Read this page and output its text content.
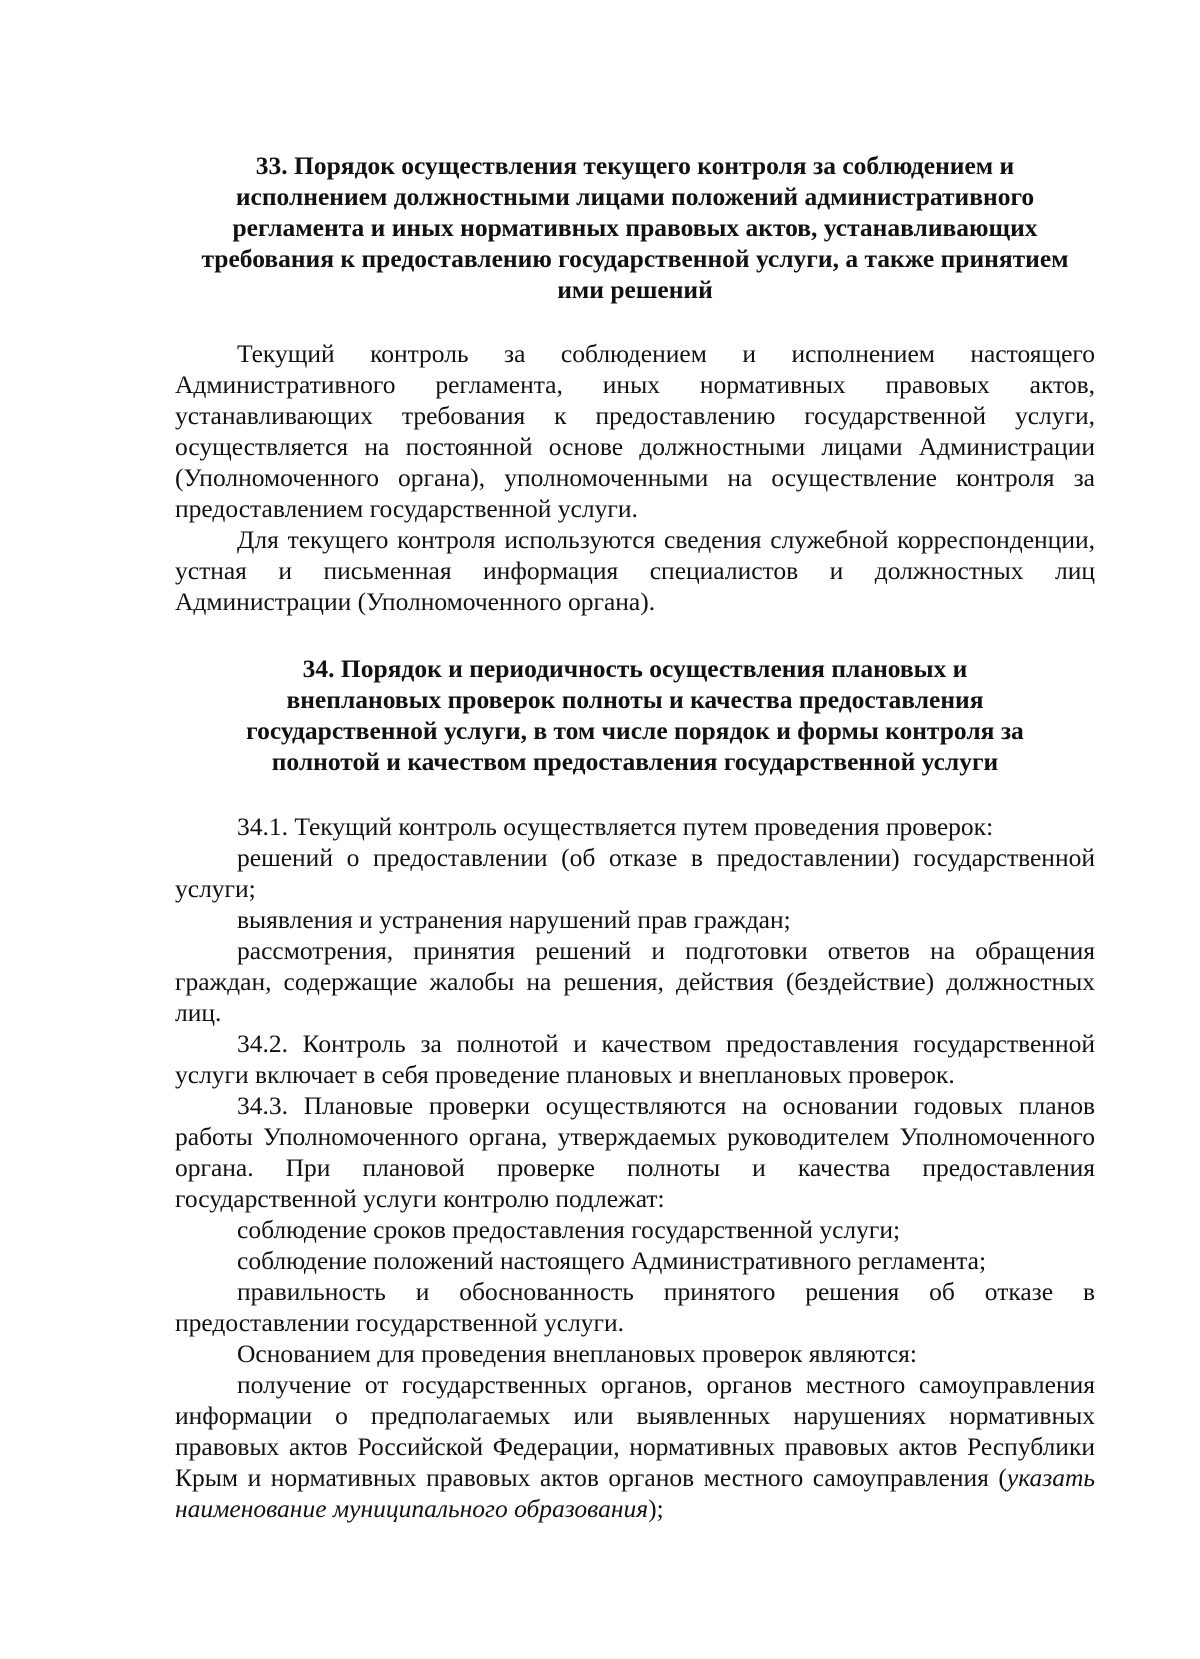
33. Порядок осуществления текущего контроля за соблюдением и
исполнением должностными лицами положений административного
регламента и иных нормативных правовых актов, устанавливающих
требования к предоставлению государственной услуги, а также принятием
ими решений

Текущий контроль за соблюдением и исполнением настоящего Административного регламента, иных нормативных правовых актов, устанавливающих требования к предоставлению государственной услуги, осуществляется на постоянной основе должностными лицами Администрации (Уполномоченного органа), уполномоченными на осуществление контроля за предоставлением государственной услуги.

Для текущего контроля используются сведения служебной корреспонденции, устная и письменная информация специалистов и должностных лиц Администрации (Уполномоченного органа).

34. Порядок и периодичность осуществления плановых и
внеплановых проверок полноты и качества предоставления
государственной услуги, в том числе порядок и формы контроля за
полнотой и качеством предоставления государственной услуги

34.1. Текущий контроль осуществляется путем проведения проверок:

решений о предоставлении (об отказе в предоставлении) государственной услуги;

выявления и устранения нарушений прав граждан;

рассмотрения, принятия решений и подготовки ответов на обращения граждан, содержащие жалобы на решения, действия (бездействие) должностных лиц.

34.2. Контроль за полнотой и качеством предоставления государственной услуги включает в себя проведение плановых и внеплановых проверок.

34.3. Плановые проверки осуществляются на основании годовых планов работы Уполномоченного органа, утверждаемых руководителем Уполномоченного органа. При плановой проверке полноты и качества предоставления государственной услуги контролю подлежат:

соблюдение сроков предоставления государственной услуги;

соблюдение положений настоящего Административного регламента;

правильность и обоснованность принятого решения об отказе в предоставлении государственной услуги.

Основанием для проведения внеплановых проверок являются:

получение от государственных органов, органов местного самоуправления информации о предполагаемых или выявленных нарушениях нормативных правовых актов Российской Федерации, нормативных правовых актов Республики Крым и нормативных правовых актов органов местного самоуправления (указать наименование муниципального образования);
